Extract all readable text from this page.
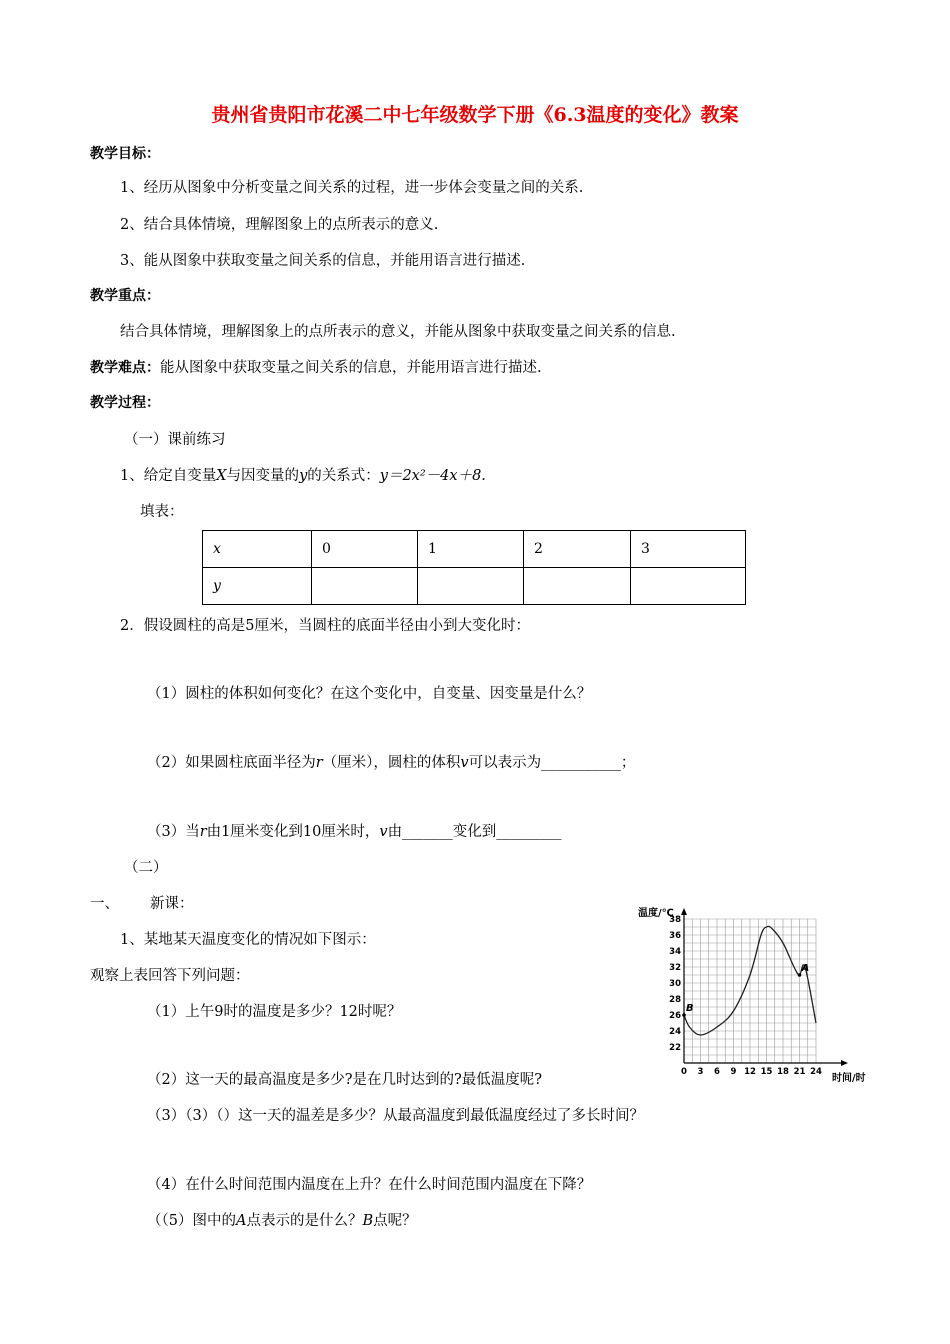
贵州省贵阳市花溪二中七年级数学下册《6.3温度的变化》教案
教学目标：
1、经历从图象中分析变量之间关系的过程，进一步体会变量之间的关系.
2、结合具体情境，理解图象上的点所表示的意义.
3、能从图象中获取变量之间关系的信息，并能用语言进行描述.
教学重点：
结合具体情境，理解图象上的点所表示的意义，并能从图象中获取变量之间关系的信息.
教学难点：能从图象中获取变量之间关系的信息，并能用语言进行描述.
教学过程：
（一）课前练习
1、给定自变量X与因变量的y的关系式：y＝2x²－4x＋8.
填表：
x	0	1	2	3
y				
2．假设圆柱的高是5厘米，当圆柱的底面半径由小到大变化时：
（1）圆柱的体积如何变化？在这个变化中，自变量、因变量是什么？
（2）如果圆柱底面半径为r（厘米），圆柱的体积v可以表示为___________；
（3）当r由1厘米变化到10厘米时，v由_______变化到_________
（二）
一、 新课：
1、某地某天温度变化的情况如下图示：
观察上表回答下列问题：
（1）上午9时的温度是多少？12时呢？
（2）这一天的最高温度是多少?是在几时达到的?最低温度呢?
（3）（3）（）这一天的温差是多少？从最高温度到最低温度经过了多长时间？
（4）在什么时间范围内温度在上升？在什么时间范围内温度在下降？
（（5）图中的A点表示的是什么？B点呢？
温度/℃
时间/时
0 3 6 9 12 15 18 21 24
22
24
26
28
30
32
34
36
38
A
B
